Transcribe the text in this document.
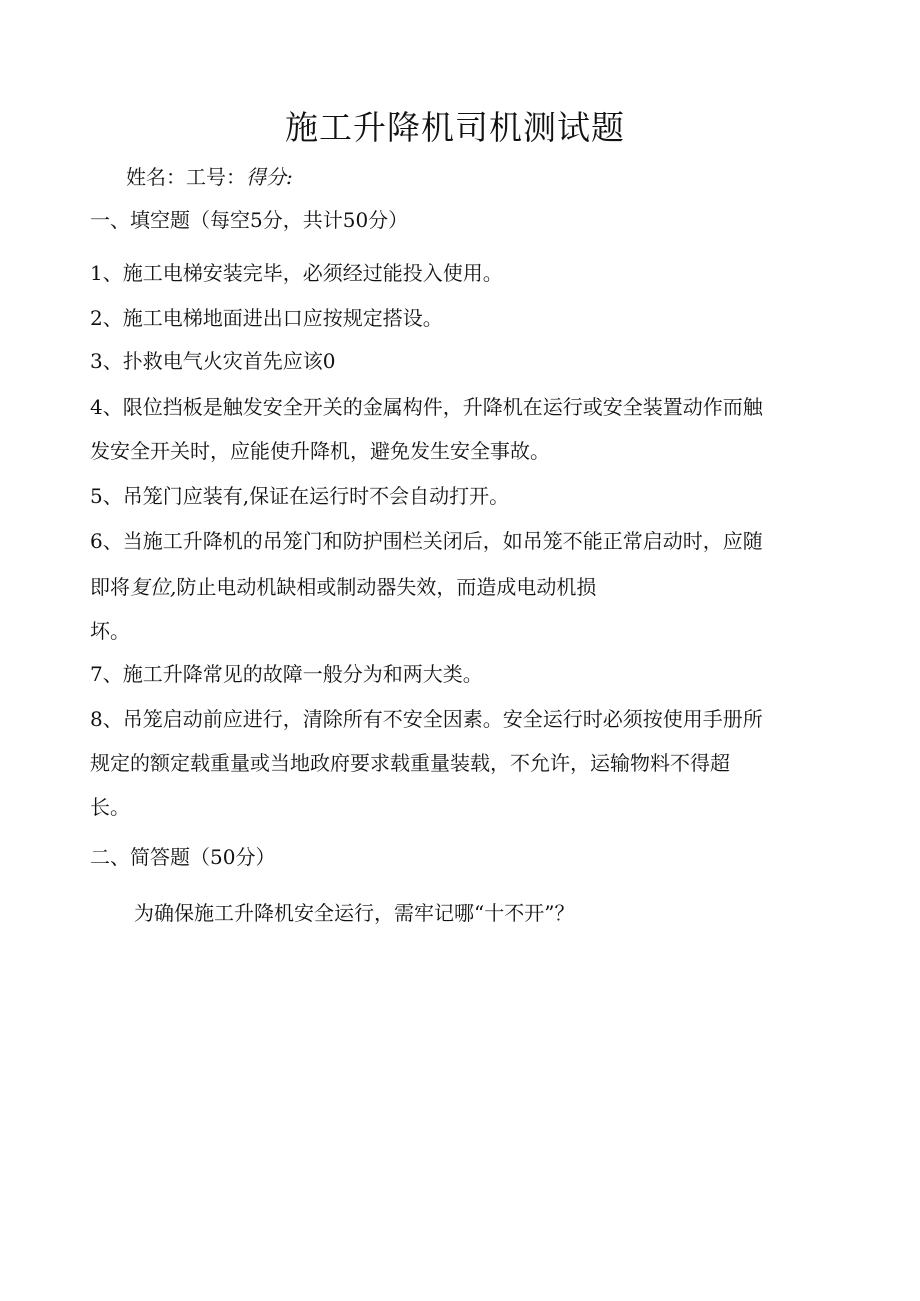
施工升降机司机测试题
姓名：工号：得分:
一、填空题（每空5分，共计50分）
1、施工电梯安装完毕，必须经过能投入使用。
2、施工电梯地面进出口应按规定搭设。
3、扑救电气火灾首先应该0
4、限位挡板是触发安全开关的金属构件，升降机在运行或安全装置动作而触
发安全开关时，应能使升降机，避免发生安全事故。
5、吊笼门应装有,保证在运行时不会自动打开。
6、当施工升降机的吊笼门和防护围栏关闭后，如吊笼不能正常启动时，应随
即将复位,防止电动机缺相或制动器失效，而造成电动机损
坏。
7、施工升降常见的故障一般分为和两大类。
8、吊笼启动前应进行，清除所有不安全因素。安全运行时必须按使用手册所
规定的额定载重量或当地政府要求载重量装载，不允许，运输物料不得超
长。
二、简答题（50分）
为确保施工升降机安全运行，需牢记哪“十不开”？
